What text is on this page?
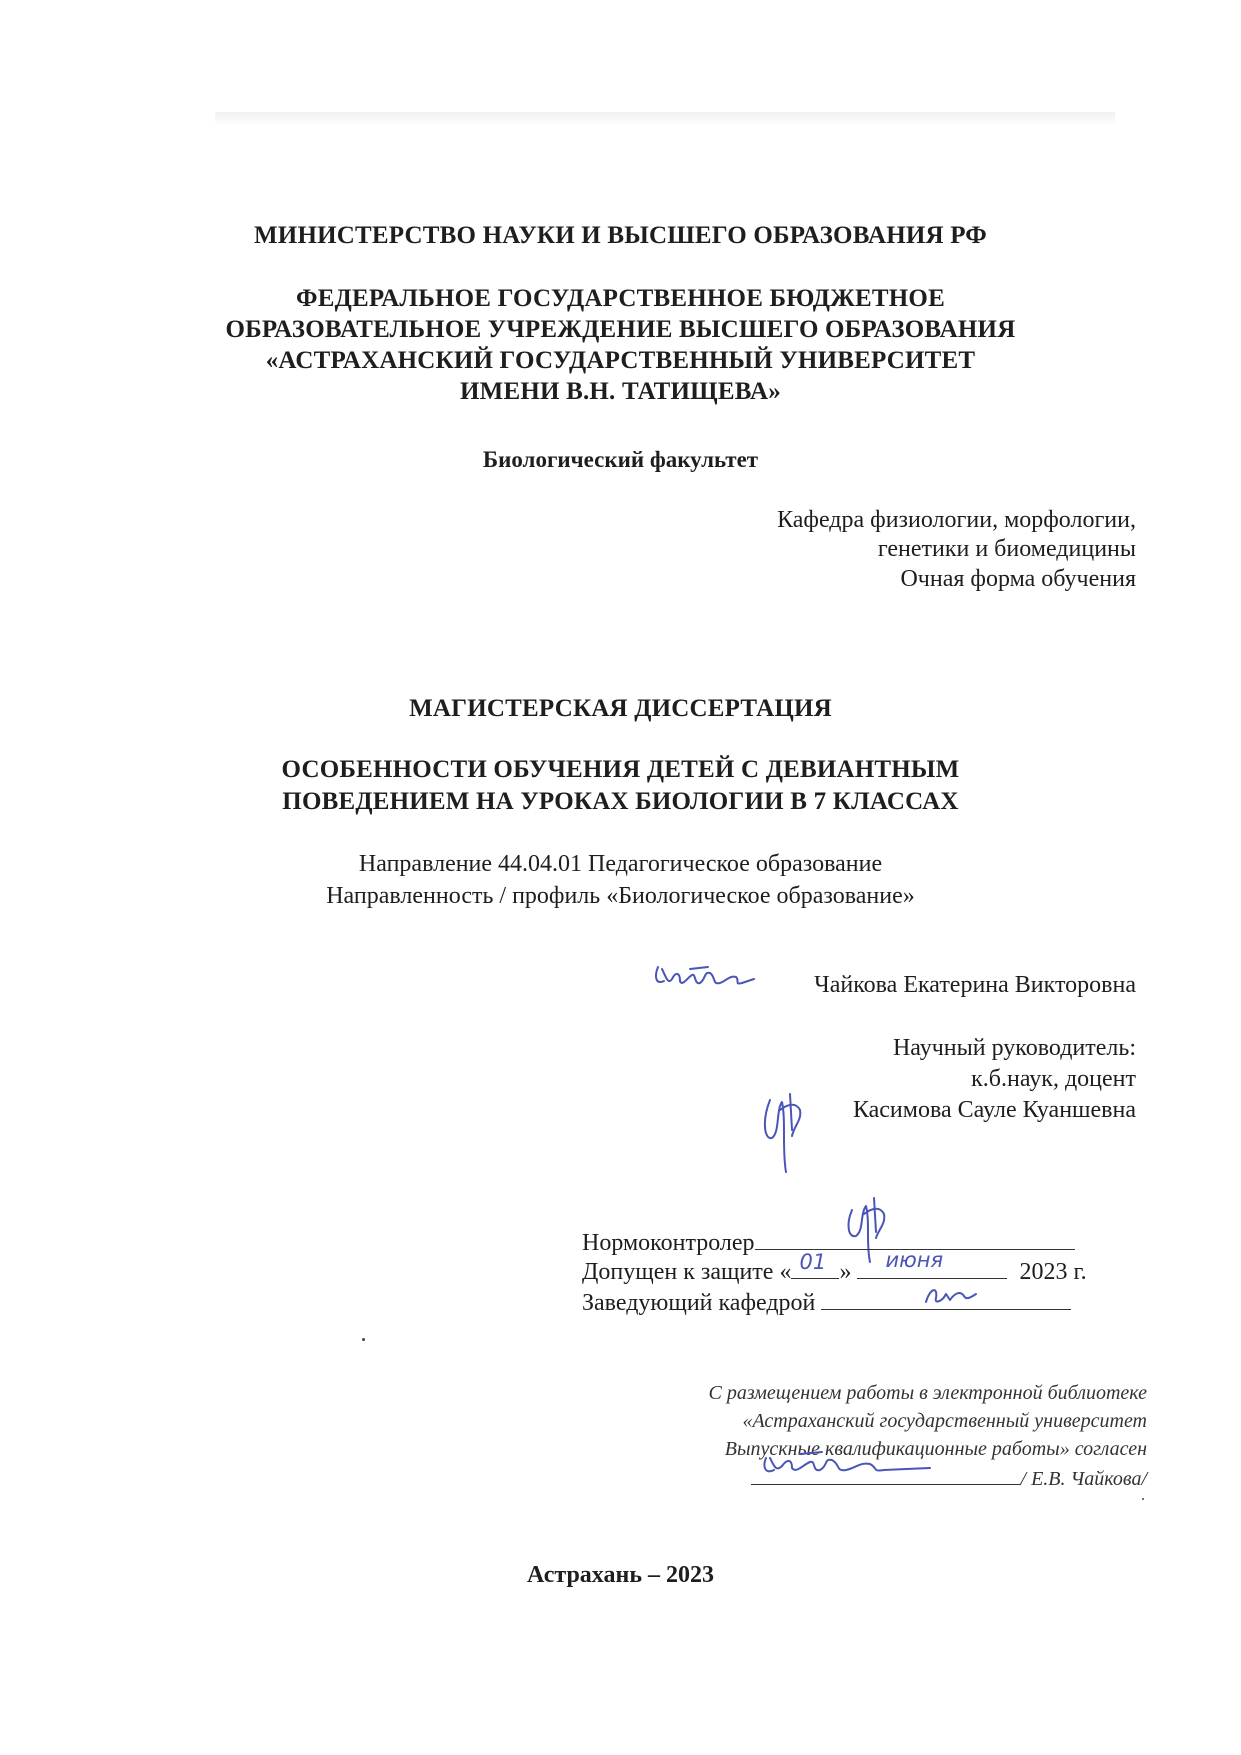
МИНИСТЕРСТВО НАУКИ И ВЫСШЕГО ОБРАЗОВАНИЯ РФ
ФЕДЕРАЛЬНОЕ ГОСУДАРСТВЕННОЕ БЮДЖЕТНОЕ
ОБРАЗОВАТЕЛЬНОЕ УЧРЕЖДЕНИЕ ВЫСШЕГО ОБРАЗОВАНИЯ
«АСТРАХАНСКИЙ ГОСУДАРСТВЕННЫЙ УНИВЕРСИТЕТ
ИМЕНИ В.Н. ТАТИЩЕВА»
Биологический факультет
Кафедра физиологии, морфологии,
генетики и биомедицины
Очная форма обучения
МАГИСТЕРСКАЯ ДИССЕРТАЦИЯ
ОСОБЕННОСТИ ОБУЧЕНИЯ ДЕТЕЙ С ДЕВИАНТНЫМ
ПОВЕДЕНИЕМ НА УРОКАХ БИОЛОГИИ В 7 КЛАССАХ
Направление 44.04.01 Педагогическое образование
Направленность / профиль «Биологическое образование»
Чайкова Екатерина Викторовна
Научный руководитель:
к.б.наук, доцент
Касимова Сауле Куаншевна
Нормоконтролер
Допущен к защите « 01 » июня	2023 г.
Заведующий кафедрой
С размещением работы в электронной библиотеке
«Астраханский государственный университет
Выпускные квалификационные работы» согласен
/ Е.В. Чайкова/
Астрахань – 2023
